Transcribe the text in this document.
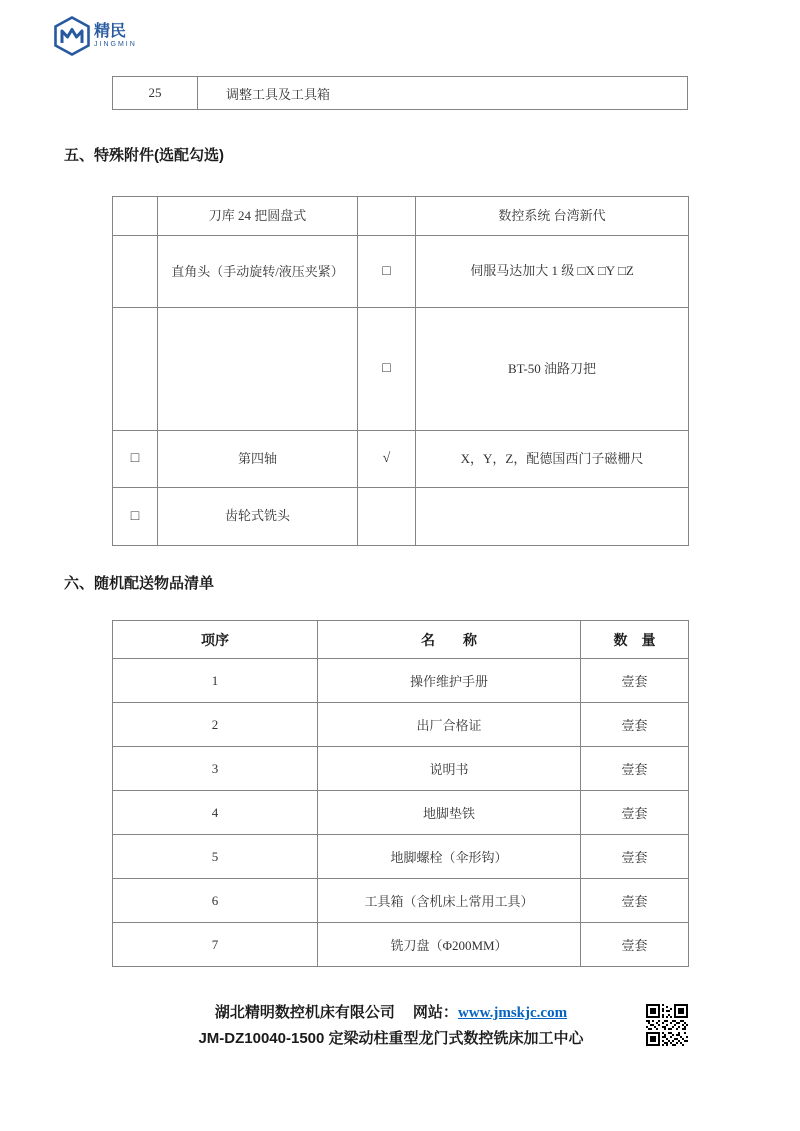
精民
JINGMIN
25	调整工具及工具箱
五、特殊附件(选配勾选)
	刀库 24 把圆盘式		数控系统 台湾新代
	直角头（手动旋转/液压夹紧）	□	伺服马达加大 1 级 □X □Y □Z
		□	BT-50 油路刀把
□	第四轴	√	X，Y，Z，配德国西门子磁栅尺
□	齿轮式铣头		
六、随机配送物品清单
项序	名　　称	数　量
1	操作维护手册	壹套
2	出厂合格证	壹套
3	说明书	壹套
4	地脚垫铁	壹套
5	地脚螺栓（伞形钩）	壹套
6	工具箱（含机床上常用工具）	壹套
7	铣刀盘（Φ200MM）	壹套
湖北精明数控机床有限公司 网站：www.jmskjc.com
JM-DZ10040-1500 定梁动柱重型龙门式数控铣床加工中心
